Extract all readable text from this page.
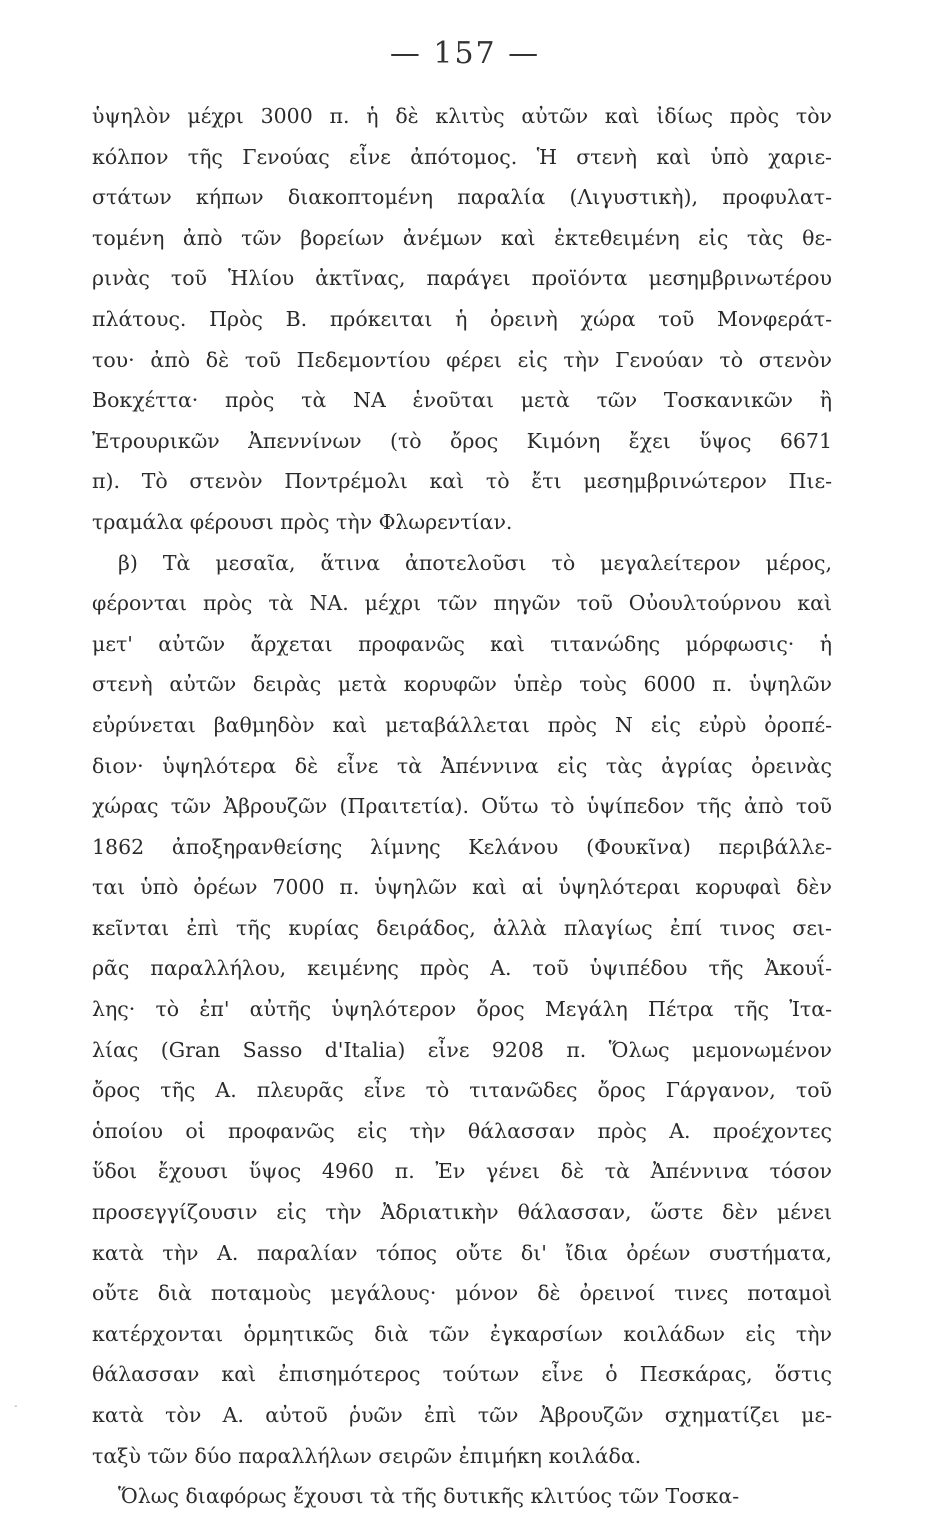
— 157 —
-
ὑψηλὸν μέχρι 3000 π. ἡ δὲ κλιτὺς αὐτῶν καὶ ἰδίως πρὸς τὸν
κόλπον τῆς Γενούας εἶνε ἀπότομος. Ἡ στενὴ καὶ ὑπὸ χαριε-
στάτων κήπων διακοπτομένη παραλία (Λιγυστικὴ), προφυλατ-
τομένη ἀπὸ τῶν βορείων ἀνέμων καὶ ἐκτεθειμένη εἰς τὰς θε-
ρινὰς τοῦ Ἡλίου ἀκτῖνας, παράγει προϊόντα μεσημβρινωτέρου
πλάτους. Πρὸς Β. πρόκειται ἡ ὀρεινὴ χώρα τοῦ Μονφεράτ-
του· ἀπὸ δὲ τοῦ Πεδεμοντίου φέρει εἰς τὴν Γενούαν τὸ στενὸν
Βοκχέττα· πρὸς τὰ ΝΑ ἑνοῦται μετὰ τῶν Τοσκανικῶν ἢ
Ἐτρουρικῶν Ἀπεννίνων (τὸ ὄρος Κιμόνη ἔχει ὕψος 6671
π). Τὸ στενὸν Ποντρέμολι καὶ τὸ ἔτι μεσημβρινώτερον Πιε-
τραμάλα φέρουσι πρὸς τὴν Φλωρεντίαν.
β) Τὰ μεσαῖα, ἅτινα ἀποτελοῦσι τὸ μεγαλείτερον μέρος,
φέρονται πρὸς τὰ ΝΑ. μέχρι τῶν πηγῶν τοῦ Οὐουλτούρνου καὶ
μετ' αὐτῶν ἄρχεται προφανῶς καὶ τιτανώδης μόρφωσις· ἡ
στενὴ αὐτῶν δειρὰς μετὰ κορυφῶν ὑπὲρ τοὺς 6000 π. ὑψηλῶν
εὐρύνεται βαθμηδὸν καὶ μεταβάλλεται πρὸς Ν εἰς εὐρὺ ὀροπέ-
διον· ὑψηλότερα δὲ εἶνε τὰ Ἀπέννινα εἰς τὰς ἀγρίας ὀρεινὰς
χώρας τῶν Ἀβρουζῶν (Πραιτετία). Οὕτω τὸ ὑψίπεδον τῆς ἀπὸ τοῦ
1862 ἀποξηρανθείσης λίμνης Κελάνου (Φουκῖνα) περιβάλλε-
ται ὑπὸ ὀρέων 7000 π. ὑψηλῶν καὶ αἱ ὑψηλότεραι κορυφαὶ δὲν
κεῖνται ἐπὶ τῆς κυρίας δειράδος, ἀλλὰ πλαγίως ἐπί τινος σει-
ρᾶς παραλλήλου, κειμένης πρὸς Α. τοῦ ὑψιπέδου τῆς Ἀκουΐ-
λης· τὸ ἐπ' αὐτῆς ὑψηλότερον ὄρος Μεγάλη Πέτρα τῆς Ἰτα-
λίας (Gran Sasso d'Italia) εἶνε 9208 π. Ὅλως μεμονωμένον
ὄρος τῆς Α. πλευρᾶς εἶνε τὸ τιτανῶδες ὄρος Γάργανον, τοῦ
ὁποίου οἱ προφανῶς εἰς τὴν θάλασσαν πρὸς Α. προέχοντες
ὕδοι ἔχουσι ὕψος 4960 π. Ἐν γένει δὲ τὰ Ἀπέννινα τόσον
προσεγγίζουσιν εἰς τὴν Ἀδριατικὴν θάλασσαν, ὥστε δὲν μένει
κατὰ τὴν Α. παραλίαν τόπος οὔτε δι' ἴδια ὀρέων συστήματα,
οὔτε διὰ ποταμοὺς μεγάλους· μόνον δὲ ὀρεινοί τινες ποταμοὶ
κατέρχονται ὁρμητικῶς διὰ τῶν ἐγκαρσίων κοιλάδων εἰς τὴν
θάλασσαν καὶ ἐπισημότερος τούτων εἶνε ὁ Πεσκάρας, ὅστις
κατὰ τὸν Α. αὐτοῦ ῥυῶν ἐπὶ τῶν Ἀβρουζῶν σχηματίζει με-
ταξὺ τῶν δύο παραλλήλων σειρῶν ἐπιμήκη κοιλάδα.
Ὅλως διαφόρως ἔχουσι τὰ τῆς δυτικῆς κλιτύος τῶν Τοσκα-
